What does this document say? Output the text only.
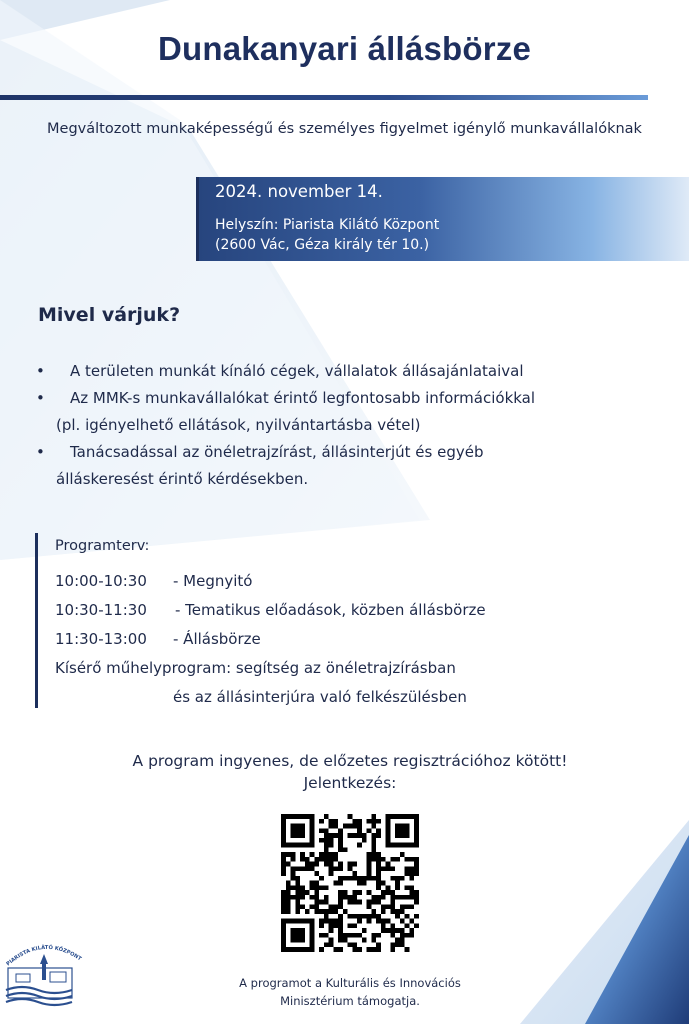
Dunakanyari állásbörze
Megváltozott munkaképességű és személyes figyelmet igénylő munkavállalóknak
2024. november 14.
Helyszín: Piarista Kilátó Központ
(2600 Vác, Géza király tér 10.)
Mivel várjuk?
• A területen munkát kínáló cégek, vállalatok állásajánlataival
• Az MMK-s munkavállalókat érintő legfontosabb információkkal
(pl. igényelhető ellátások, nyilvántartásba vétel)
• Tanácsadással az önéletrajzírást, állásinterjút és egyéb
álláskeresést érintő kérdésekben.
Programterv:
10:00-10:30 - Megnyitó
10:30-11:30 - Tematikus előadások, közben állásbörze
11:30-13:00 - Állásbörze
Kísérő műhelyprogram: segítség az önéletrajzírásban
és az állásinterjúra való felkészülésben
A program ingyenes, de előzetes regisztrációhoz kötött!
Jelentkezés:
PIARISTA KILÁTÓ KÖZPONT
A programot a Kulturális és Innovációs
Minisztérium támogatja.
